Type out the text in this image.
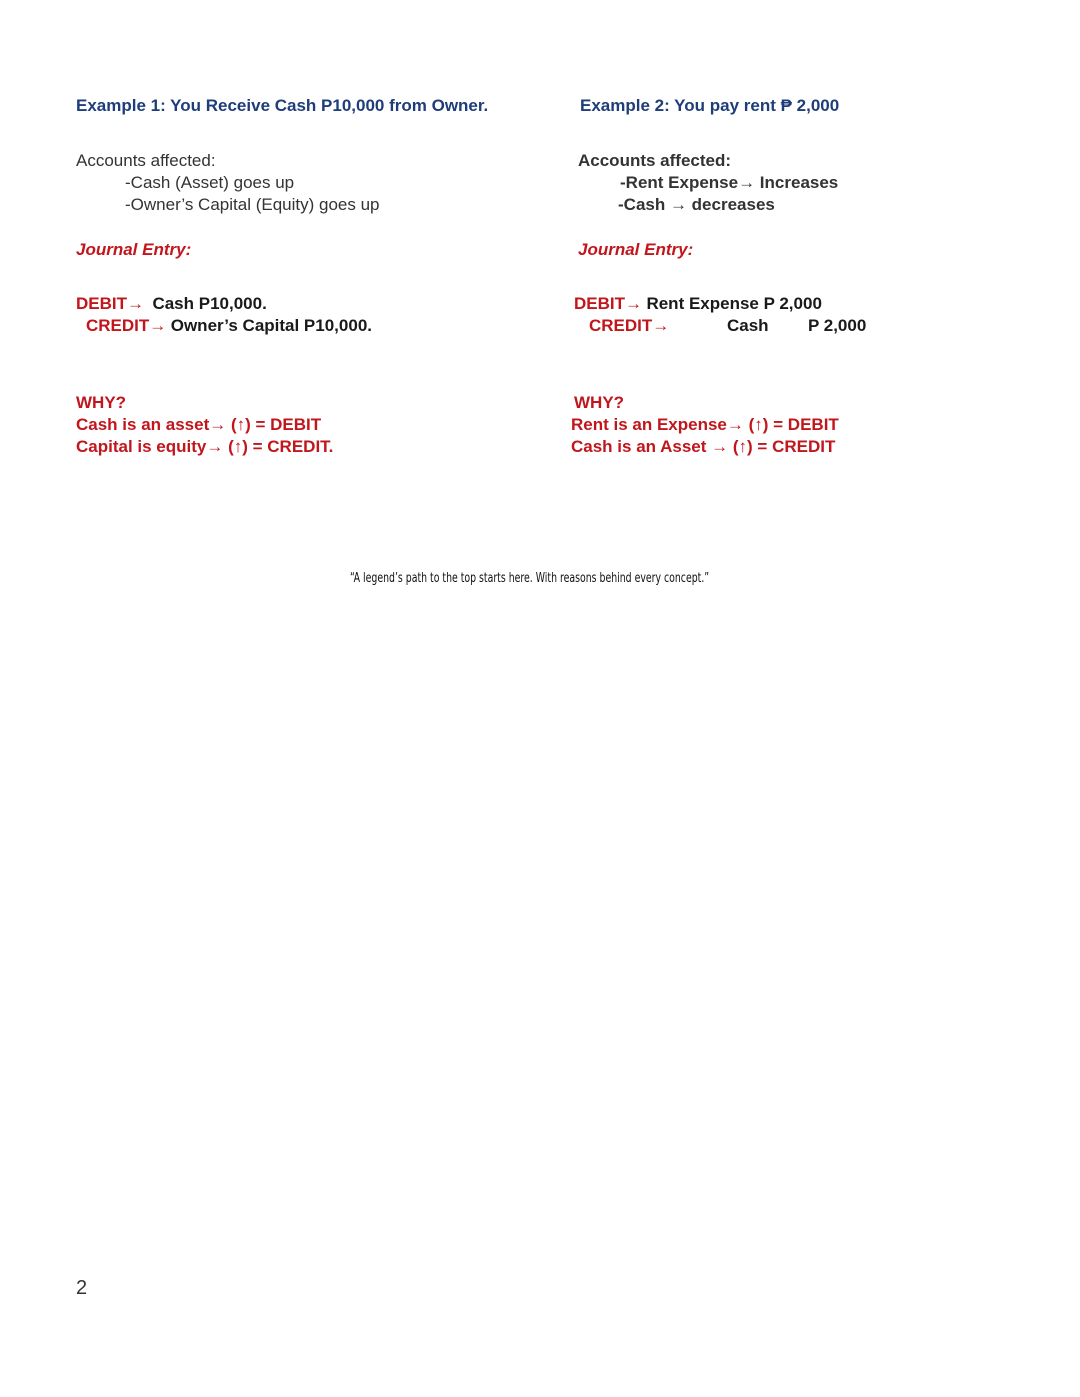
Example 1: You Receive Cash P10,000 from Owner.
Accounts affected:
-Cash (Asset) goes up
-Owner’s Capital (Equity) goes up
Journal Entry:
DEBIT→ Cash P10,000.
CREDIT→ Owner’s Capital P10,000.
WHY?
Cash is an asset→ (↑) = DEBIT
Capital is equity→ (↑) = CREDIT.
Example 2: You pay rent ₱ 2,000
Accounts affected:
-Rent Expense→ Increases
-Cash → decreases
Journal Entry:
DEBIT→ Rent Expense P 2,000
CREDIT→	Cash P 2,000
WHY?
Rent is an Expense→ (↑) = DEBIT
Cash is an Asset → (↑) = CREDIT
“A legend’s path to the top starts here. With reasons behind every concept.”
2
